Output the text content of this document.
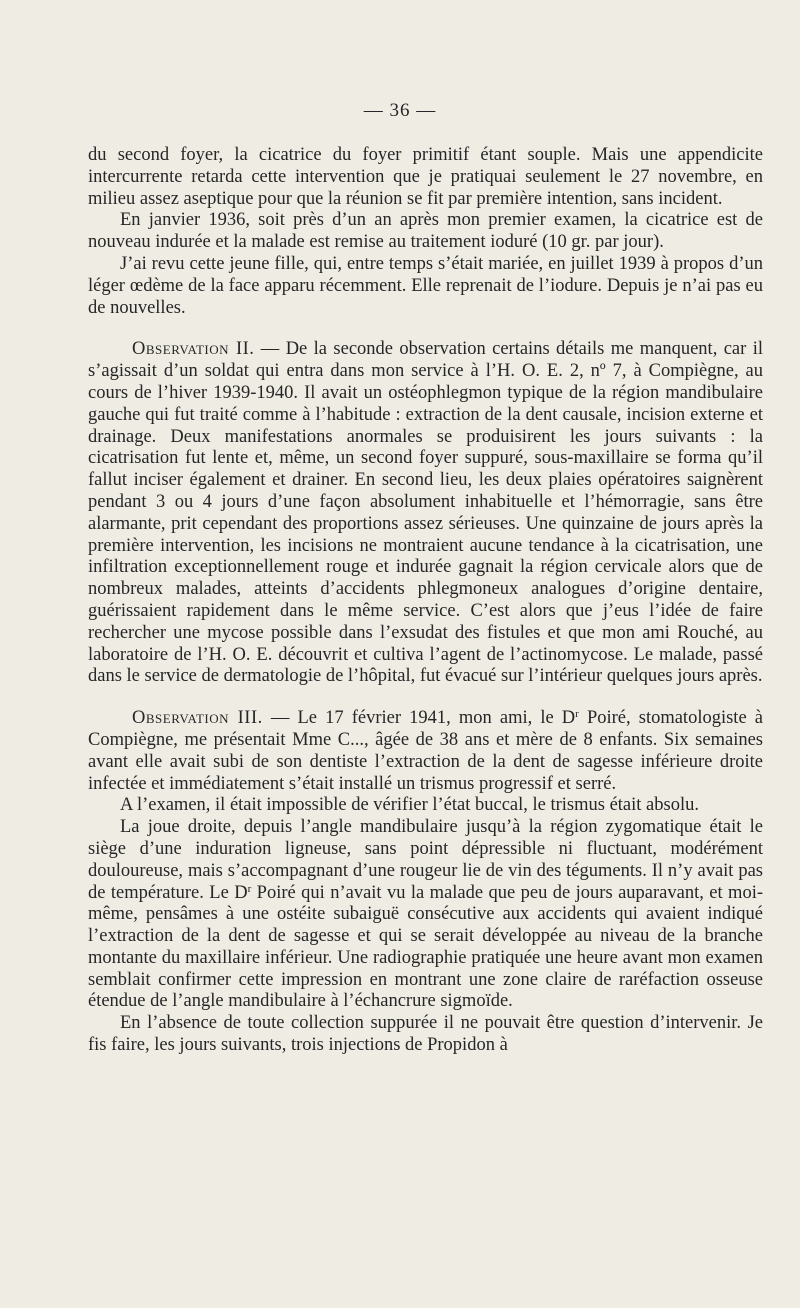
— 36 —

du second foyer, la cicatrice du foyer primitif étant souple. Mais une appendicite intercurrente retarda cette intervention que je pratiquai seulement le 27 novembre, en milieu assez aseptique pour que la réunion se fit par première intention, sans incident.

En janvier 1936, soit près d’un an après mon premier examen, la cicatrice est de nouveau indurée et la malade est remise au traitement ioduré (10 gr. par jour).

J’ai revu cette jeune fille, qui, entre temps s’était mariée, en juillet 1939 à propos d’un léger œdème de la face apparu récemment. Elle reprenait de l’iodure. Depuis je n’ai pas eu de nouvelles.

Observation II. — De la seconde observation certains détails me manquent, car il s’agissait d’un soldat qui entra dans mon service à l’H. O. E. 2, nº 7, à Compiègne, au cours de l’hiver 1939-1940. Il avait un ostéophlegmon typique de la région mandibulaire gauche qui fut traité comme à l’habitude : extraction de la dent causale, incision externe et drainage. Deux manifestations anormales se produisirent les jours suivants : la cicatrisation fut lente et, même, un second foyer suppuré, sous-maxillaire se forma qu’il fallut inciser également et drainer. En second lieu, les deux plaies opératoires saignèrent pendant 3 ou 4 jours d’une façon absolument inhabituelle et l’hémorragie, sans être alarmante, prit cependant des proportions assez sérieuses. Une quinzaine de jours après la première intervention, les incisions ne montraient aucune tendance à la cicatrisation, une infiltration exceptionnellement rouge et indurée gagnait la région cervicale alors que de nombreux malades, atteints d’accidents phlegmoneux analogues d’origine dentaire, guérissaient rapidement dans le même service. C’est alors que j’eus l’idée de faire rechercher une mycose possible dans l’exsudat des fistules et que mon ami Rouché, au laboratoire de l’H. O. E. découvrit et cultiva l’agent de l’actinomycose. Le malade, passé dans le service de dermatologie de l’hôpital, fut évacué sur l’intérieur quelques jours après.

Observation III. — Le 17 février 1941, mon ami, le $D^r$ Poiré, stomatologiste à Compiègne, me présentait Mme C..., âgée de 38 ans et mère de 8 enfants. Six semaines avant elle avait subi de son dentiste l’extraction de la dent de sagesse inférieure droite infectée et immédiatement s’était installé un trismus progressif et serré.

A l’examen, il était impossible de vérifier l’état buccal, le trismus était absolu.

La joue droite, depuis l’angle mandibulaire jusqu’à la région zygomatique était le siège d’une induration ligneuse, sans point dépressible ni fluctuant, modérément douloureuse, mais s’accompagnant d’une rougeur lie de vin des téguments. Il n’y avait pas de température. Le $D^r$ Poiré qui n’avait vu la malade que peu de jours auparavant, et moi-même, pensâmes à une ostéite subaiguë consécutive aux accidents qui avaient indiqué l’extraction de la dent de sagesse et qui se serait développée au niveau de la branche montante du maxillaire inférieur. Une radiographie pratiquée une heure avant mon examen semblait confirmer cette impression en montrant une zone claire de raréfaction osseuse étendue de l’angle mandibulaire à l’échancrure sigmoïde.

En l’absence de toute collection suppurée il ne pouvait être question d’intervenir. Je fis faire, les jours suivants, trois injections de Propidon à
